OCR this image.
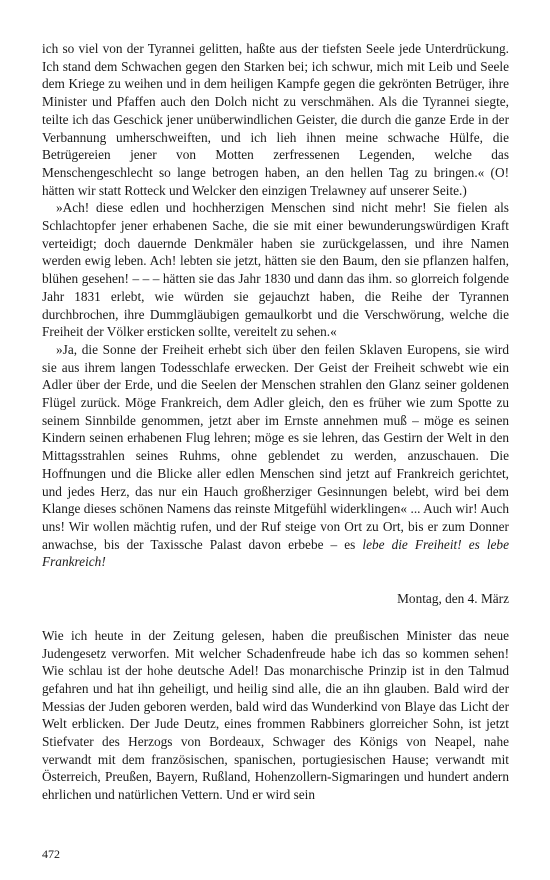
ich so viel von der Tyrannei gelitten, haßte aus der tiefsten Seele jede Unterdrückung. Ich stand dem Schwachen gegen den Starken bei; ich schwur, mich mit Leib und Seele dem Kriege zu weihen und in dem heiligen Kampfe gegen die gekrönten Betrüger, ihre Minister und Pfaffen auch den Dolch nicht zu verschmähen. Als die Tyrannei siegte, teilte ich das Geschick jener unüberwindlichen Geister, die durch die ganze Erde in der Verbannung umherschweiften, und ich lieh ihnen meine schwache Hülfe, die Betrügereien jener von Motten zerfressenen Legenden, welche das Menschengeschlecht so lange betrogen haben, an den hellen Tag zu bringen.« (O! hätten wir statt Rotteck und Welcker den einzigen Trelawney auf unserer Seite.)

»Ach! diese edlen und hochherzigen Menschen sind nicht mehr! Sie fielen als Schlachtopfer jener erhabenen Sache, die sie mit einer bewunderungswürdigen Kraft verteidigt; doch dauernde Denkmäler haben sie zurückgelassen, und ihre Namen werden ewig leben. Ach! lebten sie jetzt, hätten sie den Baum, den sie pflanzen halfen, blühen gesehen! – – – hätten sie das Jahr 1830 und dann das ihm. so glorreich folgende Jahr 1831 erlebt, wie würden sie gejauchzt haben, die Reihe der Tyrannen durchbrochen, ihre Dummgläubigen gemaulkorbt und die Verschwörung, welche die Freiheit der Völker ersticken sollte, vereitelt zu sehen.«

»Ja, die Sonne der Freiheit erhebt sich über den feilen Sklaven Europens, sie wird sie aus ihrem langen Todesschlafe erwecken. Der Geist der Freiheit schwebt wie ein Adler über der Erde, und die Seelen der Menschen strahlen den Glanz seiner goldenen Flügel zurück. Möge Frankreich, dem Adler gleich, den es früher wie zum Spotte zu seinem Sinnbilde genommen, jetzt aber im Ernste annehmen muß – möge es seinen Kindern seinen erhabenen Flug lehren; möge es sie lehren, das Gestirn der Welt in den Mittagsstrahlen seines Ruhms, ohne geblendet zu werden, anzuschauen. Die Hoffnungen und die Blicke aller edlen Menschen sind jetzt auf Frankreich gerichtet, und jedes Herz, das nur ein Hauch großherziger Gesinnungen belebt, wird bei dem Klange dieses schönen Namens das reinste Mitgefühl widerklingen« ... Auch wir! Auch uns! Wir wollen mächtig rufen, und der Ruf steige von Ort zu Ort, bis er zum Donner anwachse, bis der Taxissche Palast davon erbebe – es lebe die Freiheit! es lebe Frankreich!

Montag, den 4. März

Wie ich heute in der Zeitung gelesen, haben die preußischen Minister das neue Judengesetz verworfen. Mit welcher Schadenfreude habe ich das so kommen sehen! Wie schlau ist der hohe deutsche Adel! Das monarchische Prinzip ist in den Talmud gefahren und hat ihn geheiligt, und heilig sind alle, die an ihn glauben. Bald wird der Messias der Juden geboren werden, bald wird das Wunderkind von Blaye das Licht der Welt erblicken. Der Jude Deutz, eines frommen Rabbiners glorreicher Sohn, ist jetzt Stiefvater des Herzogs von Bordeaux, Schwager des Königs von Neapel, nahe verwandt mit dem französischen, spanischen, portugiesischen Hause; verwandt mit Österreich, Preußen, Bayern, Rußland, Hohenzollern-Sigmaringen und hundert andern ehrlichen und natürlichen Vettern. Und er wird sein

472
